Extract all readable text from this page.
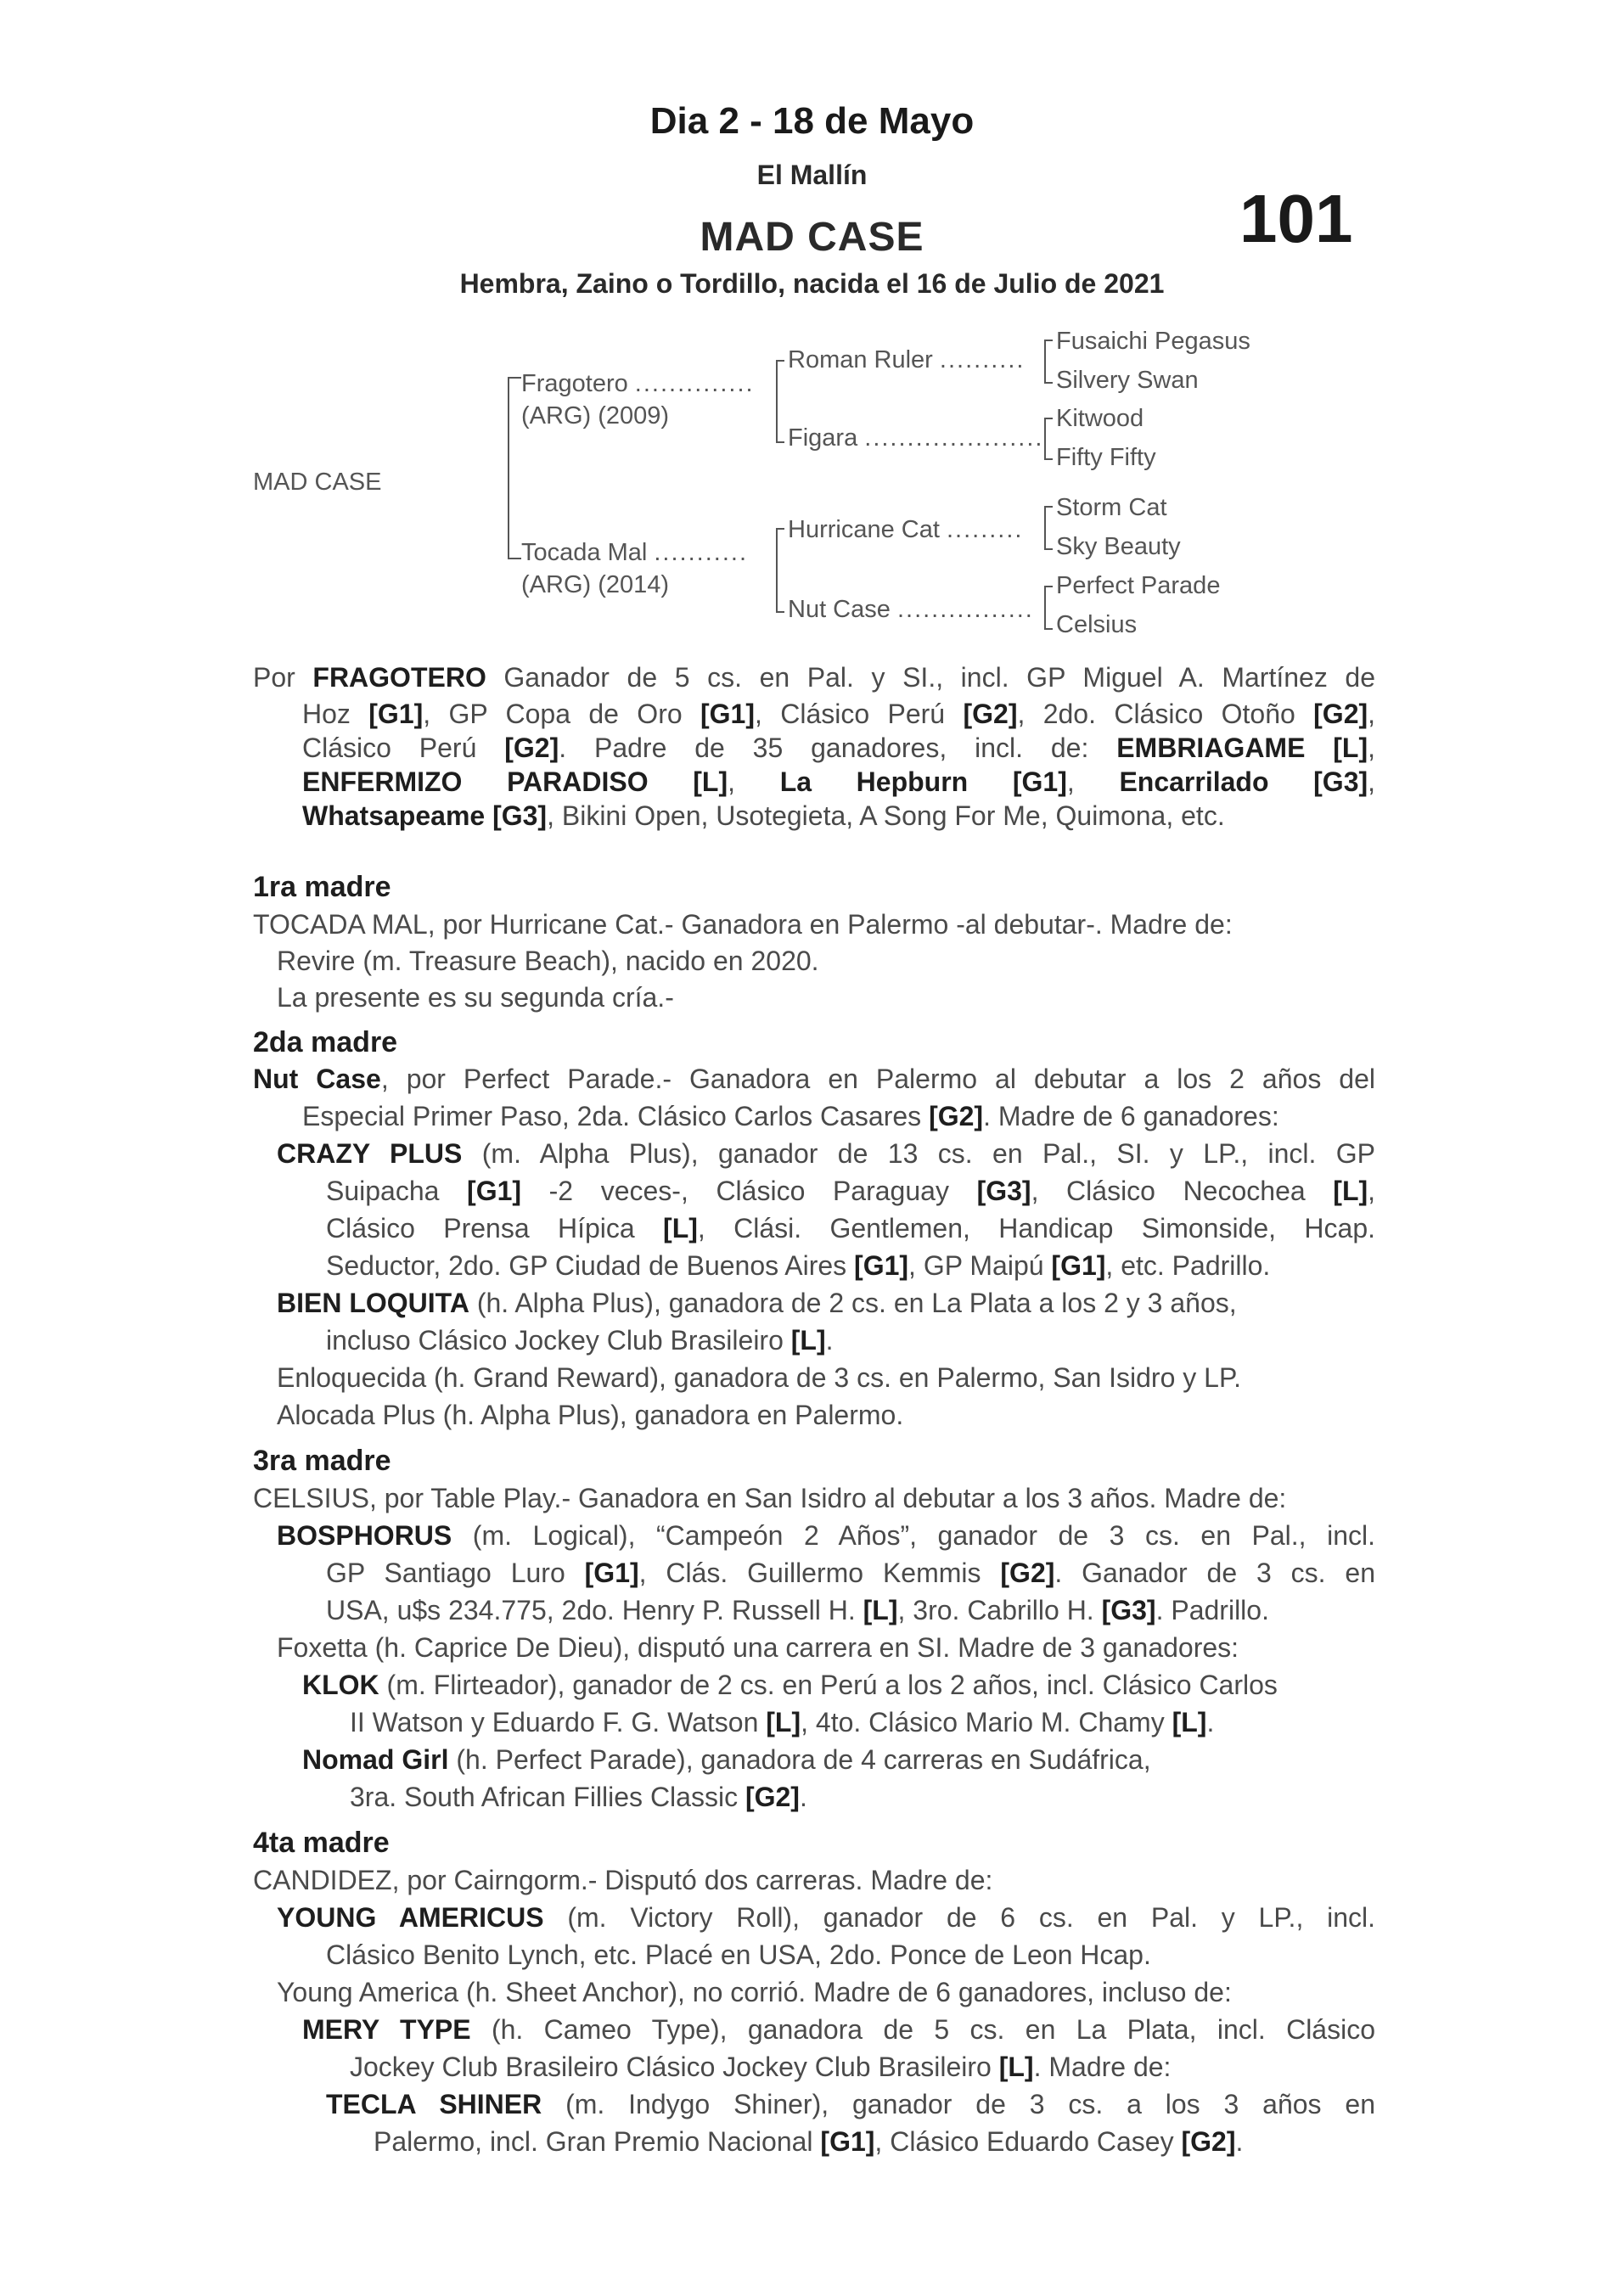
Dia 2 - 18 de Mayo
El Mallín
101
MAD CASE
Hembra, Zaino o Tordillo, nacida el 16 de Julio de 2021
MAD CASE
Fragotero ..............
(ARG) (2009)
Tocada Mal ...........
(ARG) (2014)
Roman Ruler ..........
Figara .....................
Hurricane Cat .........
Nut Case ................
Fusaichi Pegasus
Silvery Swan
Kitwood
Fifty Fifty
Storm Cat
Sky Beauty
Perfect Parade
Celsius
Por FRAGOTERO Ganador de 5 cs. en Pal. y SI., incl. GP Miguel A. Martínez de
Hoz [G1], GP Copa de Oro [G1], Clásico Perú [G2], 2do. Clásico Otoño [G2],
Clásico Perú [G2]. Padre de 35 ganadores, incl. de: EMBRIAGAME [L],
ENFERMIZO PARADISO [L], La Hepburn [G1], Encarrilado [G3],
Whatsapeame [G3], Bikini Open, Usotegieta, A Song For Me, Quimona, etc.
1ra madre
TOCADA MAL, por Hurricane Cat.- Ganadora en Palermo -al debutar-. Madre de:
Revire (m. Treasure Beach), nacido en 2020.
La presente es su segunda cría.-
2da madre
Nut Case, por Perfect Parade.- Ganadora en Palermo al debutar a los 2 años del
Especial Primer Paso, 2da. Clásico Carlos Casares [G2]. Madre de 6 ganadores:
CRAZY PLUS (m. Alpha Plus), ganador de 13 cs. en Pal., SI. y LP., incl. GP
Suipacha [G1] -2 veces-, Clásico Paraguay [G3], Clásico Necochea [L],
Clásico Prensa Hípica [L], Clási. Gentlemen, Handicap Simonside, Hcap.
Seductor, 2do. GP Ciudad de Buenos Aires [G1], GP Maipú [G1], etc. Padrillo.
BIEN LOQUITA (h. Alpha Plus), ganadora de 2 cs. en La Plata a los 2 y 3 años,
incluso Clásico Jockey Club Brasileiro [L].
Enloquecida (h. Grand Reward), ganadora de 3 cs. en Palermo, San Isidro y LP.
Alocada Plus (h. Alpha Plus), ganadora en Palermo.
3ra madre
CELSIUS, por Table Play.- Ganadora en San Isidro al debutar a los 3 años. Madre de:
BOSPHORUS (m. Logical), “Campeón 2 Años”, ganador de 3 cs. en Pal., incl.
GP Santiago Luro [G1], Clás. Guillermo Kemmis [G2]. Ganador de 3 cs. en
USA, u$s 234.775, 2do. Henry P. Russell H. [L], 3ro. Cabrillo H. [G3]. Padrillo.
Foxetta (h. Caprice De Dieu), disputó una carrera en SI. Madre de 3 ganadores:
KLOK (m. Flirteador), ganador de 2 cs. en Perú a los 2 años, incl. Clásico Carlos
II Watson y Eduardo F. G. Watson [L], 4to. Clásico Mario M. Chamy [L].
Nomad Girl (h. Perfect Parade), ganadora de 4 carreras en Sudáfrica,
3ra. South African Fillies Classic [G2].
4ta madre
CANDIDEZ, por Cairngorm.- Disputó dos carreras. Madre de:
YOUNG AMERICUS (m. Victory Roll), ganador de 6 cs. en Pal. y LP., incl.
Clásico Benito Lynch, etc. Placé en USA, 2do. Ponce de Leon Hcap.
Young America (h. Sheet Anchor), no corrió. Madre de 6 ganadores, incluso de:
MERY TYPE (h. Cameo Type), ganadora de 5 cs. en La Plata, incl. Clásico
Jockey Club Brasileiro Clásico Jockey Club Brasileiro [L]. Madre de:
TECLA SHINER (m. Indygo Shiner), ganador de 3 cs. a los 3 años en
Palermo, incl. Gran Premio Nacional [G1], Clásico Eduardo Casey [G2].
